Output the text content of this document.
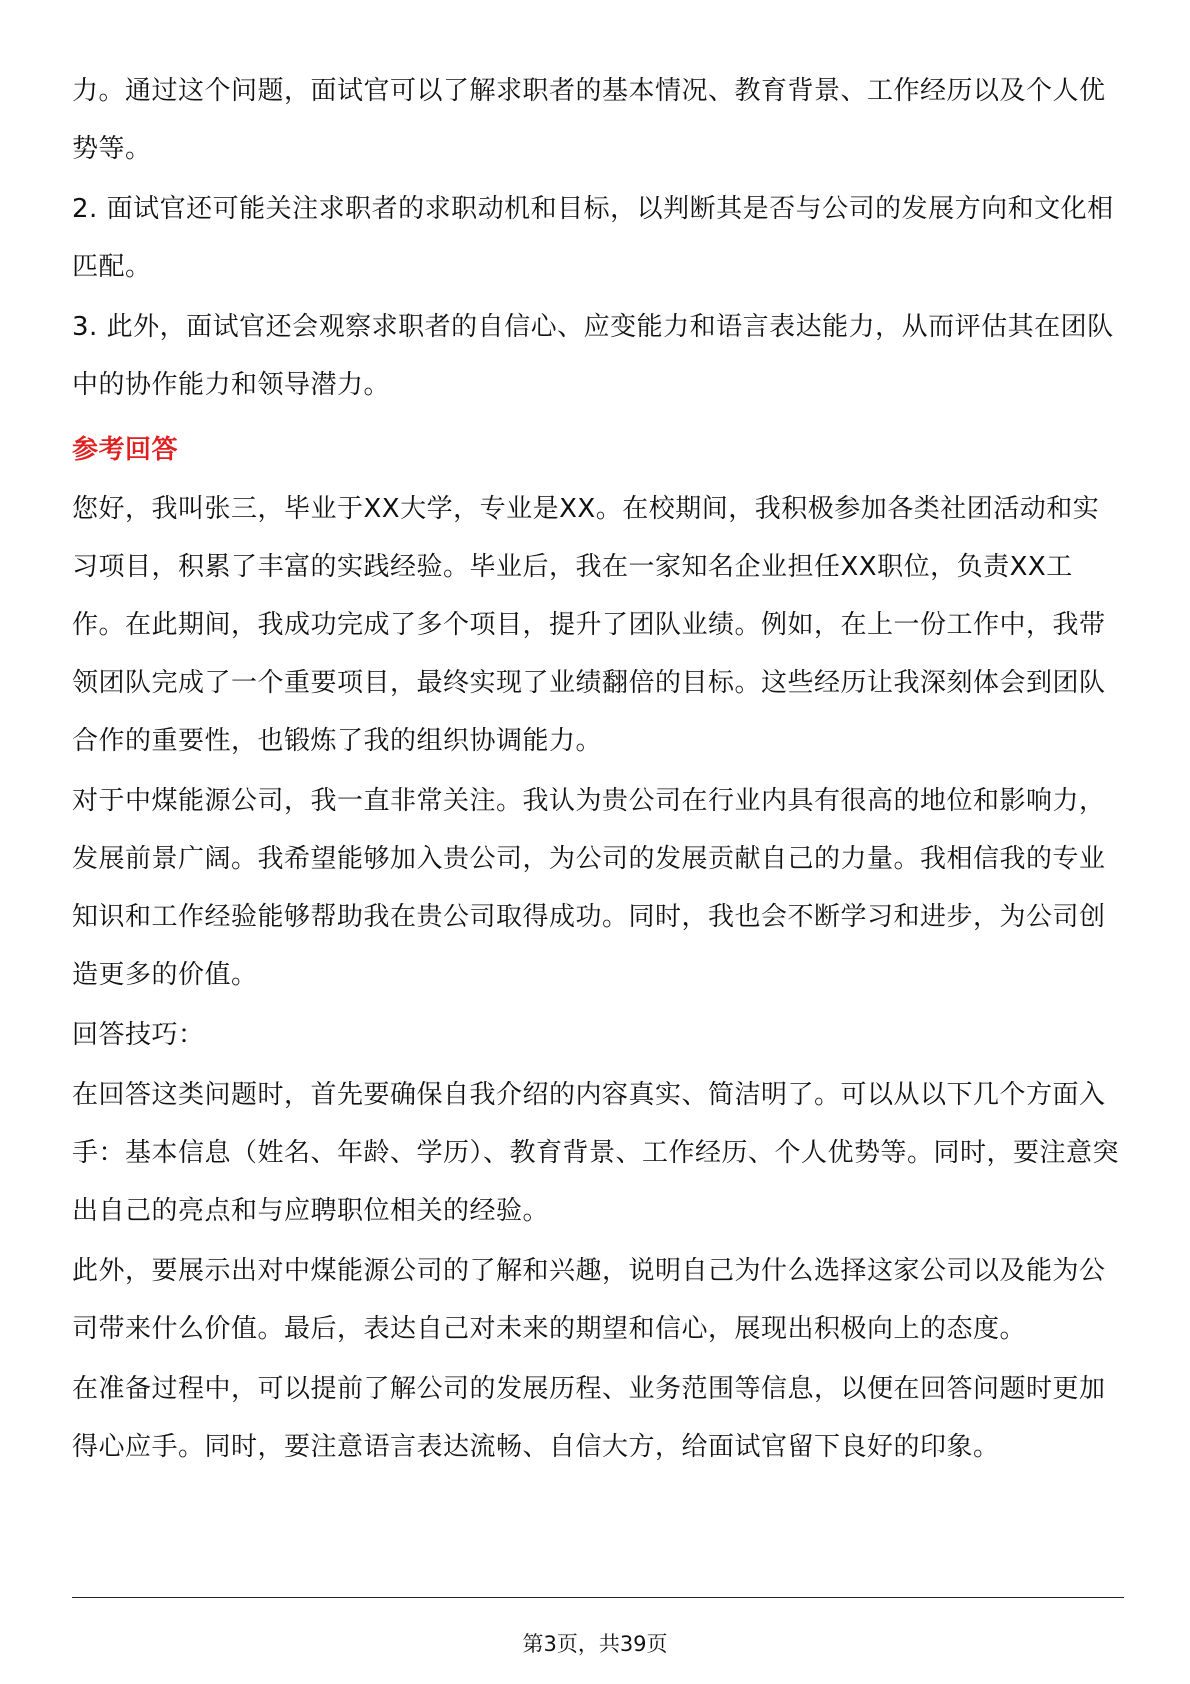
力。通过这个问题，面试官可以了解求职者的基本情况、教育背景、工作经历以及个人优势等。

2. 面试官还可能关注求职者的求职动机和目标，以判断其是否与公司的发展方向和文化相匹配。

3. 此外，面试官还会观察求职者的自信心、应变能力和语言表达能力，从而评估其在团队中的协作能力和领导潜力。

参考回答

您好，我叫张三，毕业于XX大学，专业是XX。在校期间，我积极参加各类社团活动和实习项目，积累了丰富的实践经验。毕业后，我在一家知名企业担任XX职位，负责XX工作。在此期间，我成功完成了多个项目，提升了团队业绩。例如，在上一份工作中，我带领团队完成了一个重要项目，最终实现了业绩翻倍的目标。这些经历让我深刻体会到团队合作的重要性，也锻炼了我的组织协调能力。

对于中煤能源公司，我一直非常关注。我认为贵公司在行业内具有很高的地位和影响力，发展前景广阔。我希望能够加入贵公司，为公司的发展贡献自己的力量。我相信我的专业知识和工作经验能够帮助我在贵公司取得成功。同时，我也会不断学习和进步，为公司创造更多的价值。

回答技巧：

在回答这类问题时，首先要确保自我介绍的内容真实、简洁明了。可以从以下几个方面入手：基本信息（姓名、年龄、学历）、教育背景、工作经历、个人优势等。同时，要注意突出自己的亮点和与应聘职位相关的经验。

此外，要展示出对中煤能源公司的了解和兴趣，说明自己为什么选择这家公司以及能为公司带来什么价值。最后，表达自己对未来的期望和信心，展现出积极向上的态度。

在准备过程中，可以提前了解公司的发展历程、业务范围等信息，以便在回答问题时更加得心应手。同时，要注意语言表达流畅、自信大方，给面试官留下良好的印象。

第3页，共39页
